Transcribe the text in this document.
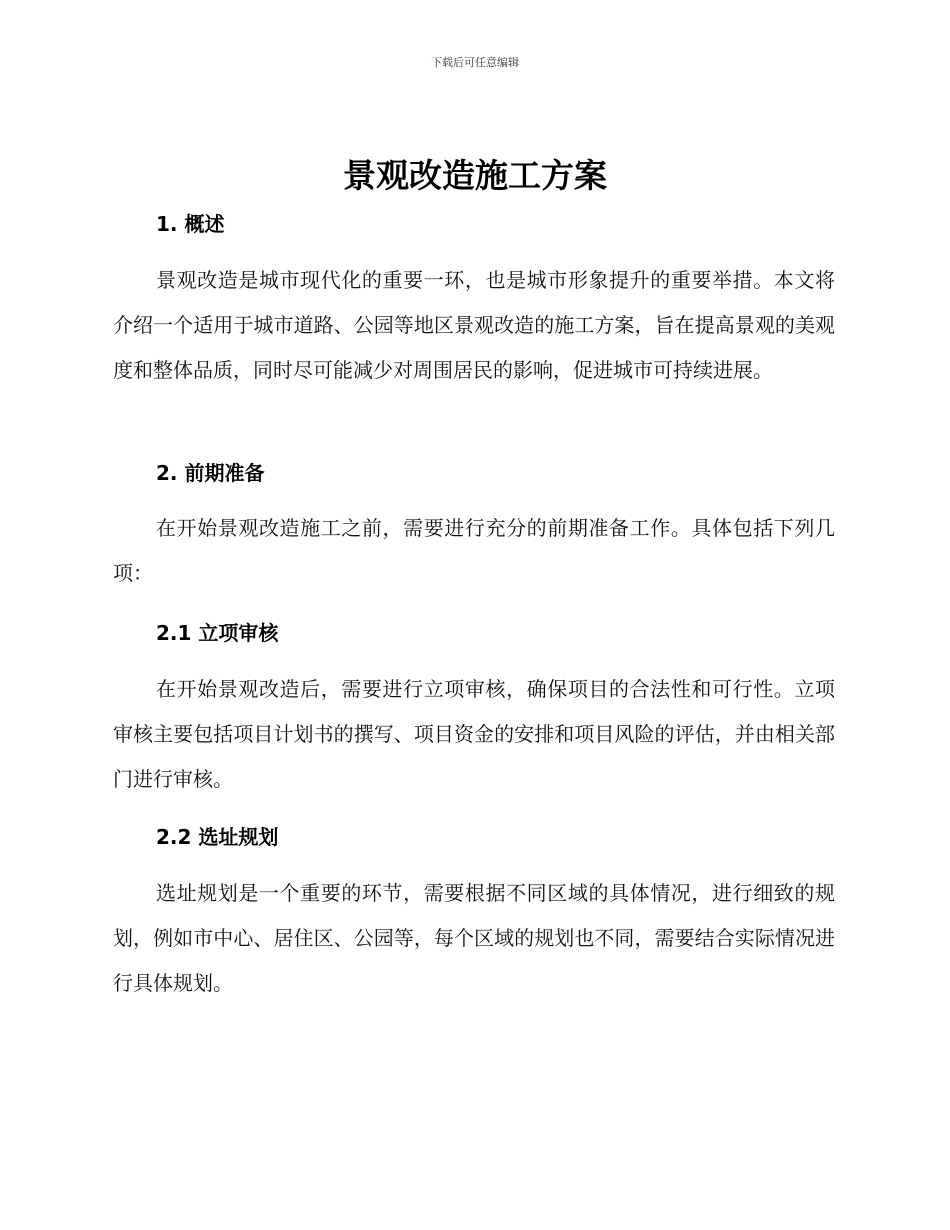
下载后可任意编辑
景观改造施工方案
1. 概述

景观改造是城市现代化的重要一环，也是城市形象提升的重要举措。本文将介绍一个适用于城市道路、公园等地区景观改造的施工方案，旨在提高景观的美观度和整体品质，同时尽可能减少对周围居民的影响，促进城市可持续进展。

2. 前期准备

在开始景观改造施工之前，需要进行充分的前期准备工作。具体包括下列几项：

2.1 立项审核

在开始景观改造后，需要进行立项审核，确保项目的合法性和可行性。立项审核主要包括项目计划书的撰写、项目资金的安排和项目风险的评估，并由相关部门进行审核。

2.2 选址规划

选址规划是一个重要的环节，需要根据不同区域的具体情况，进行细致的规划，例如市中心、居住区、公园等，每个区域的规划也不同，需要结合实际情况进行具体规划。
